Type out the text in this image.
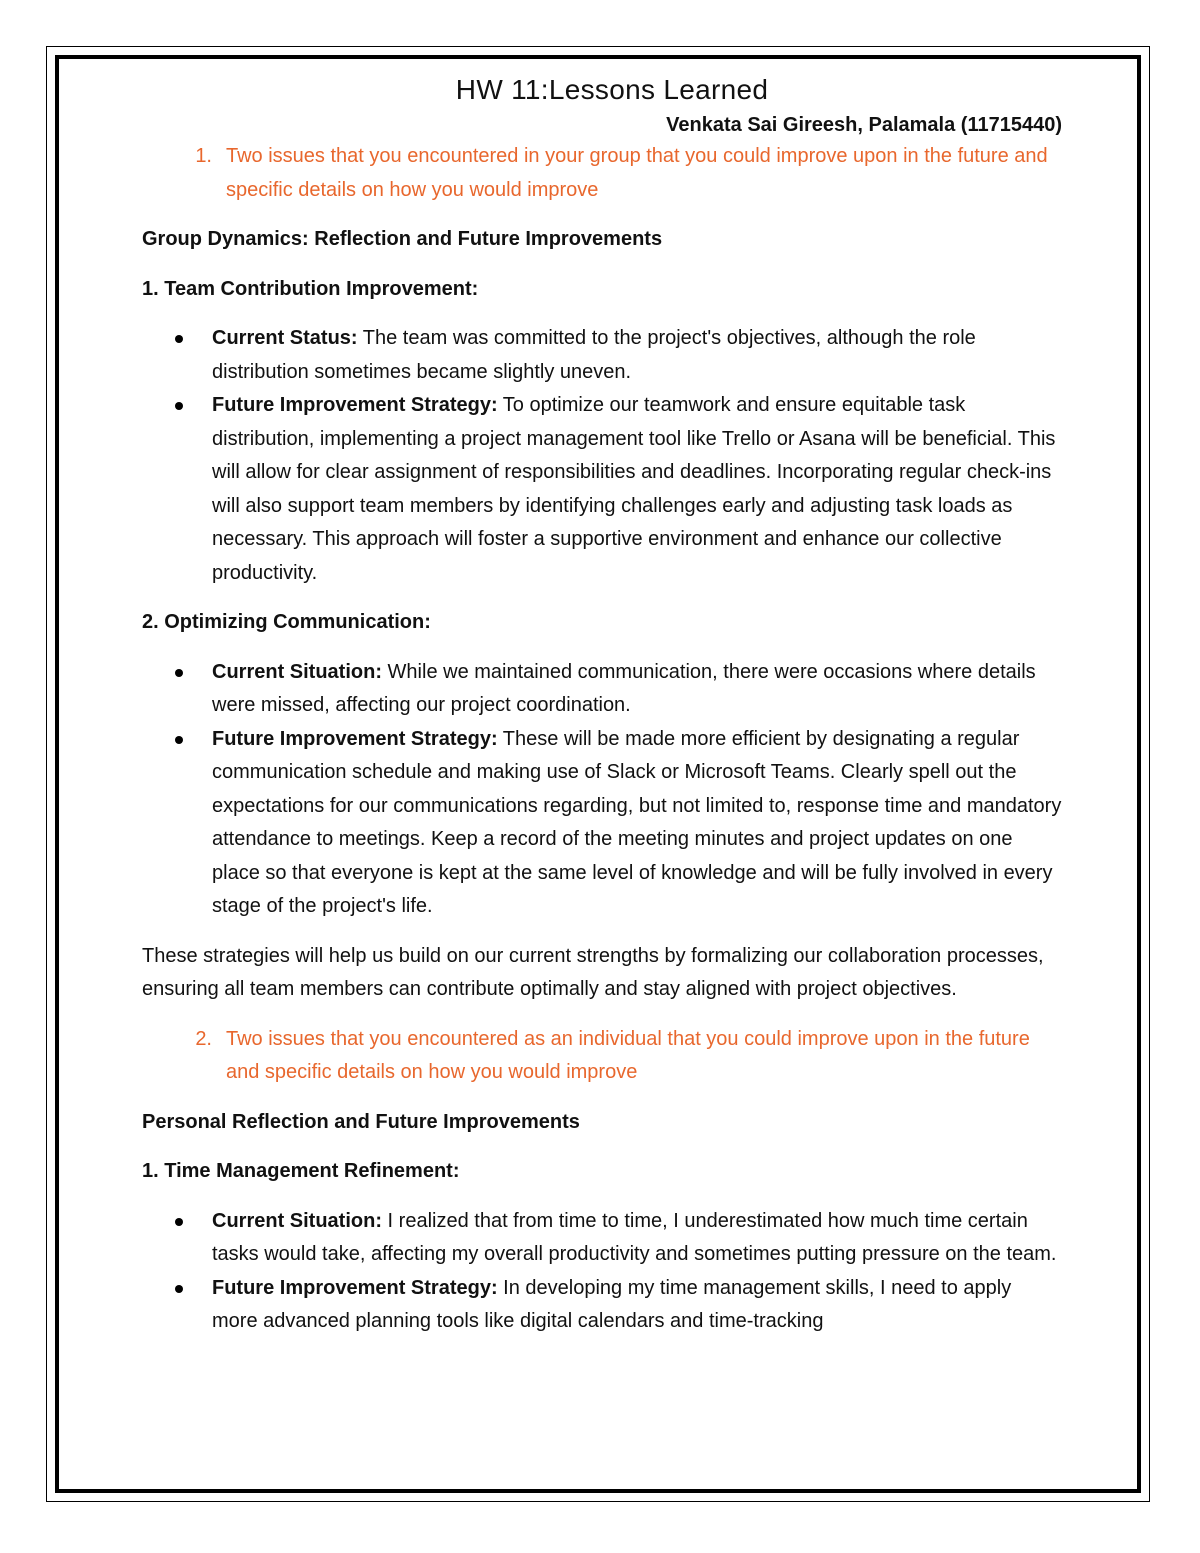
HW 11:Lessons Learned

Venkata Sai Gireesh, Palamala (11715440)

1. Two issues that you encountered in your group that you could improve upon in the future and specific details on how you would improve

Group Dynamics: Reflection and Future Improvements

1. Team Contribution Improvement:

Current Status: The team was committed to the project's objectives, although the role distribution sometimes became slightly uneven.
Future Improvement Strategy: To optimize our teamwork and ensure equitable task distribution, implementing a project management tool like Trello or Asana will be beneficial. This will allow for clear assignment of responsibilities and deadlines. Incorporating regular check-ins will also support team members by identifying challenges early and adjusting task loads as necessary. This approach will foster a supportive environment and enhance our collective productivity.

2. Optimizing Communication:

Current Situation: While we maintained communication, there were occasions where details were missed, affecting our project coordination.
Future Improvement Strategy: These will be made more efficient by designating a regular communication schedule and making use of Slack or Microsoft Teams. Clearly spell out the expectations for our communications regarding, but not limited to, response time and mandatory attendance to meetings. Keep a record of the meeting minutes and project updates on one place so that everyone is kept at the same level of knowledge and will be fully involved in every stage of the project's life.

These strategies will help us build on our current strengths by formalizing our collaboration processes, ensuring all team members can contribute optimally and stay aligned with project objectives.

2. Two issues that you encountered as an individual that you could improve upon in the future and specific details on how you would improve

Personal Reflection and Future Improvements

1. Time Management Refinement:

Current Situation: I realized that from time to time, I underestimated how much time certain tasks would take, affecting my overall productivity and sometimes putting pressure on the team.
Future Improvement Strategy: In developing my time management skills, I need to apply more advanced planning tools like digital calendars and time-tracking
